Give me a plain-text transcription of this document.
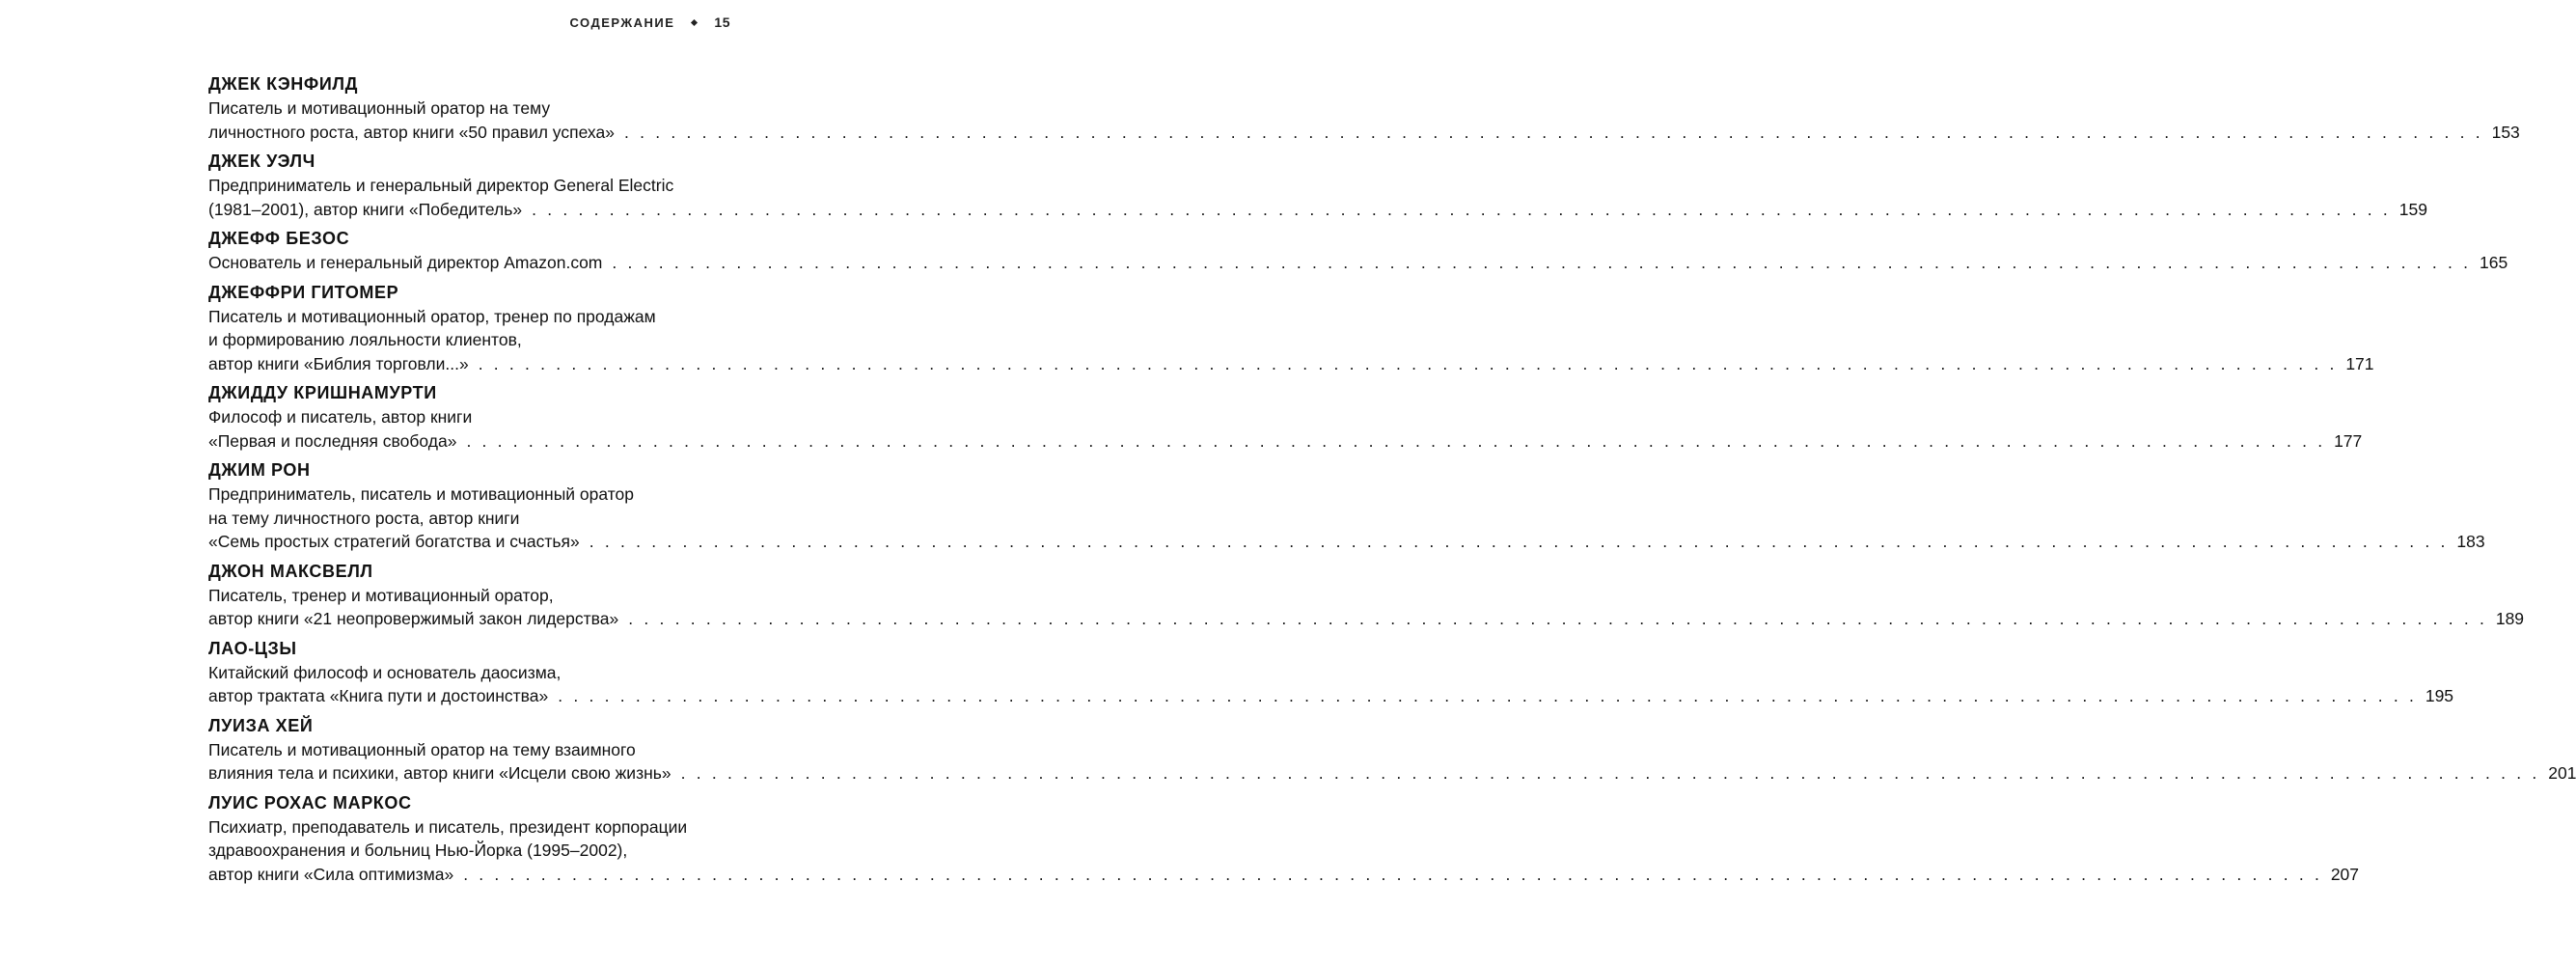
СОДЕРЖАНИЕ	15
ДЖЕК КЭНФИЛД
Писатель и мотивационный оратор на тему
личностного роста, автор книги «50 правил успеха» . . . . . . . . . . . . . . . . . . . . . . . . . . . . . . . . . . . . . . . . . . . . . . . . . . . . . . . . . . . . . . . . . . . . . . . . . . . . . . . . . . . . . . . . . . . . . . . . . . . . . . . . . . . . . . . . . . . . . . . . 153
ДЖЕК УЭЛЧ
Предприниматель и генеральный директор General Electric
(1981–2001), автор книги «Победитель» . . . . . . . . . . . . . . . . . . . . . . . . . . . . . . . . . . . . . . . . . . . . . . . . . . . . . . . . . . . . . . . . . . . . . . . . . . . . . . . . . . . . . . . . . . . . . . . . . . . . . . . . . . . . . . . . . . . . . . . . 159
ДЖЕФФ БЕЗОС
Основатель и генеральный директор Amazon.com . . . . . . . . . . . . . . . . . . . . . . . . . . . . . . . . . . . . . . . . . . . . . . . . . . . . . . . . . . . . . . . . . . . . . . . . . . . . . . . . . . . . . . . . . . . . . . . . . . . . . . . . . . . . . . . . . . . . . . . . 165
ДЖЕФФРИ ГИТОМЕР
Писатель и мотивационный оратор, тренер по продажам
и формированию лояльности клиентов,
автор книги «Библия торговли...» . . . . . . . . . . . . . . . . . . . . . . . . . . . . . . . . . . . . . . . . . . . . . . . . . . . . . . . . . . . . . . . . . . . . . . . . . . . . . . . . . . . . . . . . . . . . . . . . . . . . . . . . . . . . . . . . . . . . . . . . 171
ДЖИДДУ КРИШНАМУРТИ
Философ и писатель, автор книги
«Первая и последняя свобода» . . . . . . . . . . . . . . . . . . . . . . . . . . . . . . . . . . . . . . . . . . . . . . . . . . . . . . . . . . . . . . . . . . . . . . . . . . . . . . . . . . . . . . . . . . . . . . . . . . . . . . . . . . . . . . . . . . . . . . . . 177
ДЖИМ РОН
Предприниматель, писатель и мотивационный оратор
на тему личностного роста, автор книги
«Семь простых стратегий богатства и счастья» . . . . . . . . . . . . . . . . . . . . . . . . . . . . . . . . . . . . . . . . . . . . . . . . . . . . . . . . . . . . . . . . . . . . . . . . . . . . . . . . . . . . . . . . . . . . . . . . . . . . . . . . . . . . . . . . . . . . . . . . 183
ДЖОН МАКСВЕЛЛ
Писатель, тренер и мотивационный оратор,
автор книги «21 неопровержимый закон лидерства» . . . . . . . . . . . . . . . . . . . . . . . . . . . . . . . . . . . . . . . . . . . . . . . . . . . . . . . . . . . . . . . . . . . . . . . . . . . . . . . . . . . . . . . . . . . . . . . . . . . . . . . . . . . . . . . . . . . . . . . . 189
ЛАО-ЦЗЫ
Китайский философ и основатель даосизма,
автор трактата «Книга пути и достоинства» . . . . . . . . . . . . . . . . . . . . . . . . . . . . . . . . . . . . . . . . . . . . . . . . . . . . . . . . . . . . . . . . . . . . . . . . . . . . . . . . . . . . . . . . . . . . . . . . . . . . . . . . . . . . . . . . . . . . . . . . 195
ЛУИЗА ХЕЙ
Писатель и мотивационный оратор на тему взаимного
влияния тела и психики, автор книги «Исцели свою жизнь» . . . . . . . . . . . . . . . . . . . . . . . . . . . . . . . . . . . . . . . . . . . . . . . . . . . . . . . . . . . . . . . . . . . . . . . . . . . . . . . . . . . . . . . . . . . . . . . . . . . . . . . . . . . . . . . . . . . . . . . . 201
ЛУИС РОХАС МАРКОС
Психиатр, преподаватель и писатель, президент корпорации
здравоохранения и больниц Нью-Йорка (1995–2002),
автор книги «Сила оптимизма» . . . . . . . . . . . . . . . . . . . . . . . . . . . . . . . . . . . . . . . . . . . . . . . . . . . . . . . . . . . . . . . . . . . . . . . . . . . . . . . . . . . . . . . . . . . . . . . . . . . . . . . . . . . . . . . . . . . . . . . . 207
